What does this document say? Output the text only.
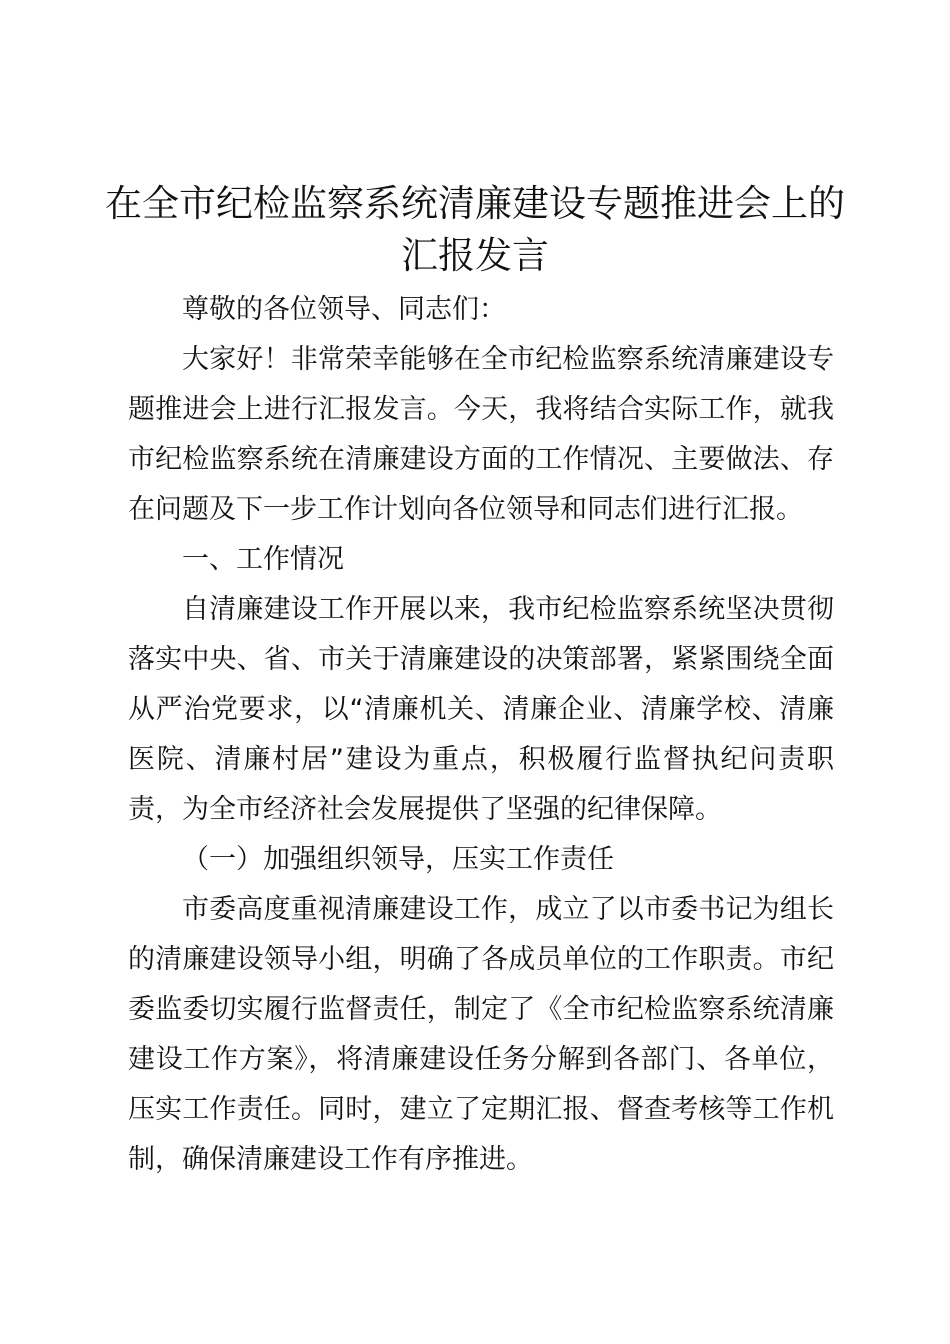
在全市纪检监察系统清廉建设专题推进会上的汇报发言

尊敬的各位领导、同志们：

大家好！非常荣幸能够在全市纪检监察系统清廉建设专题推进会上进行汇报发言。今天，我将结合实际工作，就我市纪检监察系统在清廉建设方面的工作情况、主要做法、存在问题及下一步工作计划向各位领导和同志们进行汇报。

一、工作情况

自清廉建设工作开展以来，我市纪检监察系统坚决贯彻落实中央、省、市关于清廉建设的决策部署，紧紧围绕全面从严治党要求，以“清廉机关、清廉企业、清廉学校、清廉医院、清廉村居”建设为重点，积极履行监督执纪问责职责，为全市经济社会发展提供了坚强的纪律保障。

（一）加强组织领导，压实工作责任

市委高度重视清廉建设工作，成立了以市委书记为组长的清廉建设领导小组，明确了各成员单位的工作职责。市纪委监委切实履行监督责任，制定了《全市纪检监察系统清廉建设工作方案》，将清廉建设任务分解到各部门、各单位，压实工作责任。同时，建立了定期汇报、督查考核等工作机制，确保清廉建设工作有序推进。
